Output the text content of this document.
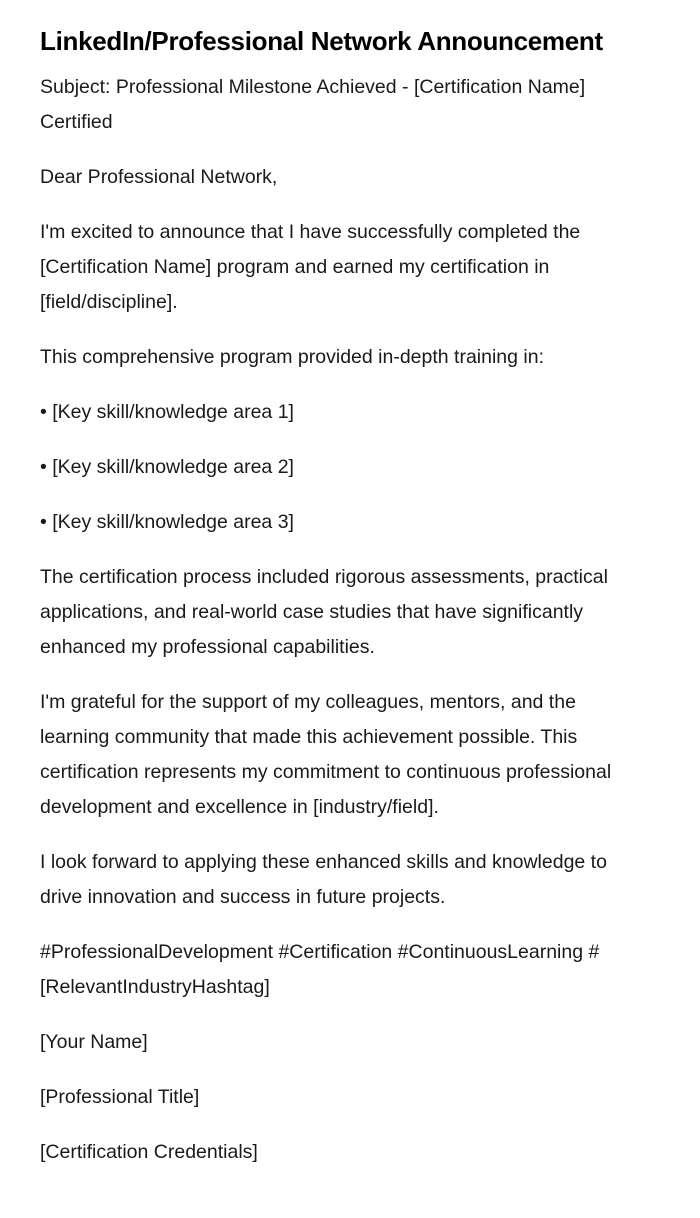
LinkedIn/Professional Network Announcement

Subject: Professional Milestone Achieved - [Certification Name] Certified

Dear Professional Network,

I'm excited to announce that I have successfully completed the [Certification Name] program and earned my certification in [field/discipline].

This comprehensive program provided in-depth training in:

• [Key skill/knowledge area 1]

• [Key skill/knowledge area 2]

• [Key skill/knowledge area 3]

The certification process included rigorous assessments, practical applications, and real-world case studies that have significantly enhanced my professional capabilities.

I'm grateful for the support of my colleagues, mentors, and the learning community that made this achievement possible. This certification represents my commitment to continuous professional development and excellence in [industry/field].

I look forward to applying these enhanced skills and knowledge to drive innovation and success in future projects.

#ProfessionalDevelopment #Certification #ContinuousLearning #[RelevantIndustryHashtag]

[Your Name]

[Professional Title]

[Certification Credentials]
